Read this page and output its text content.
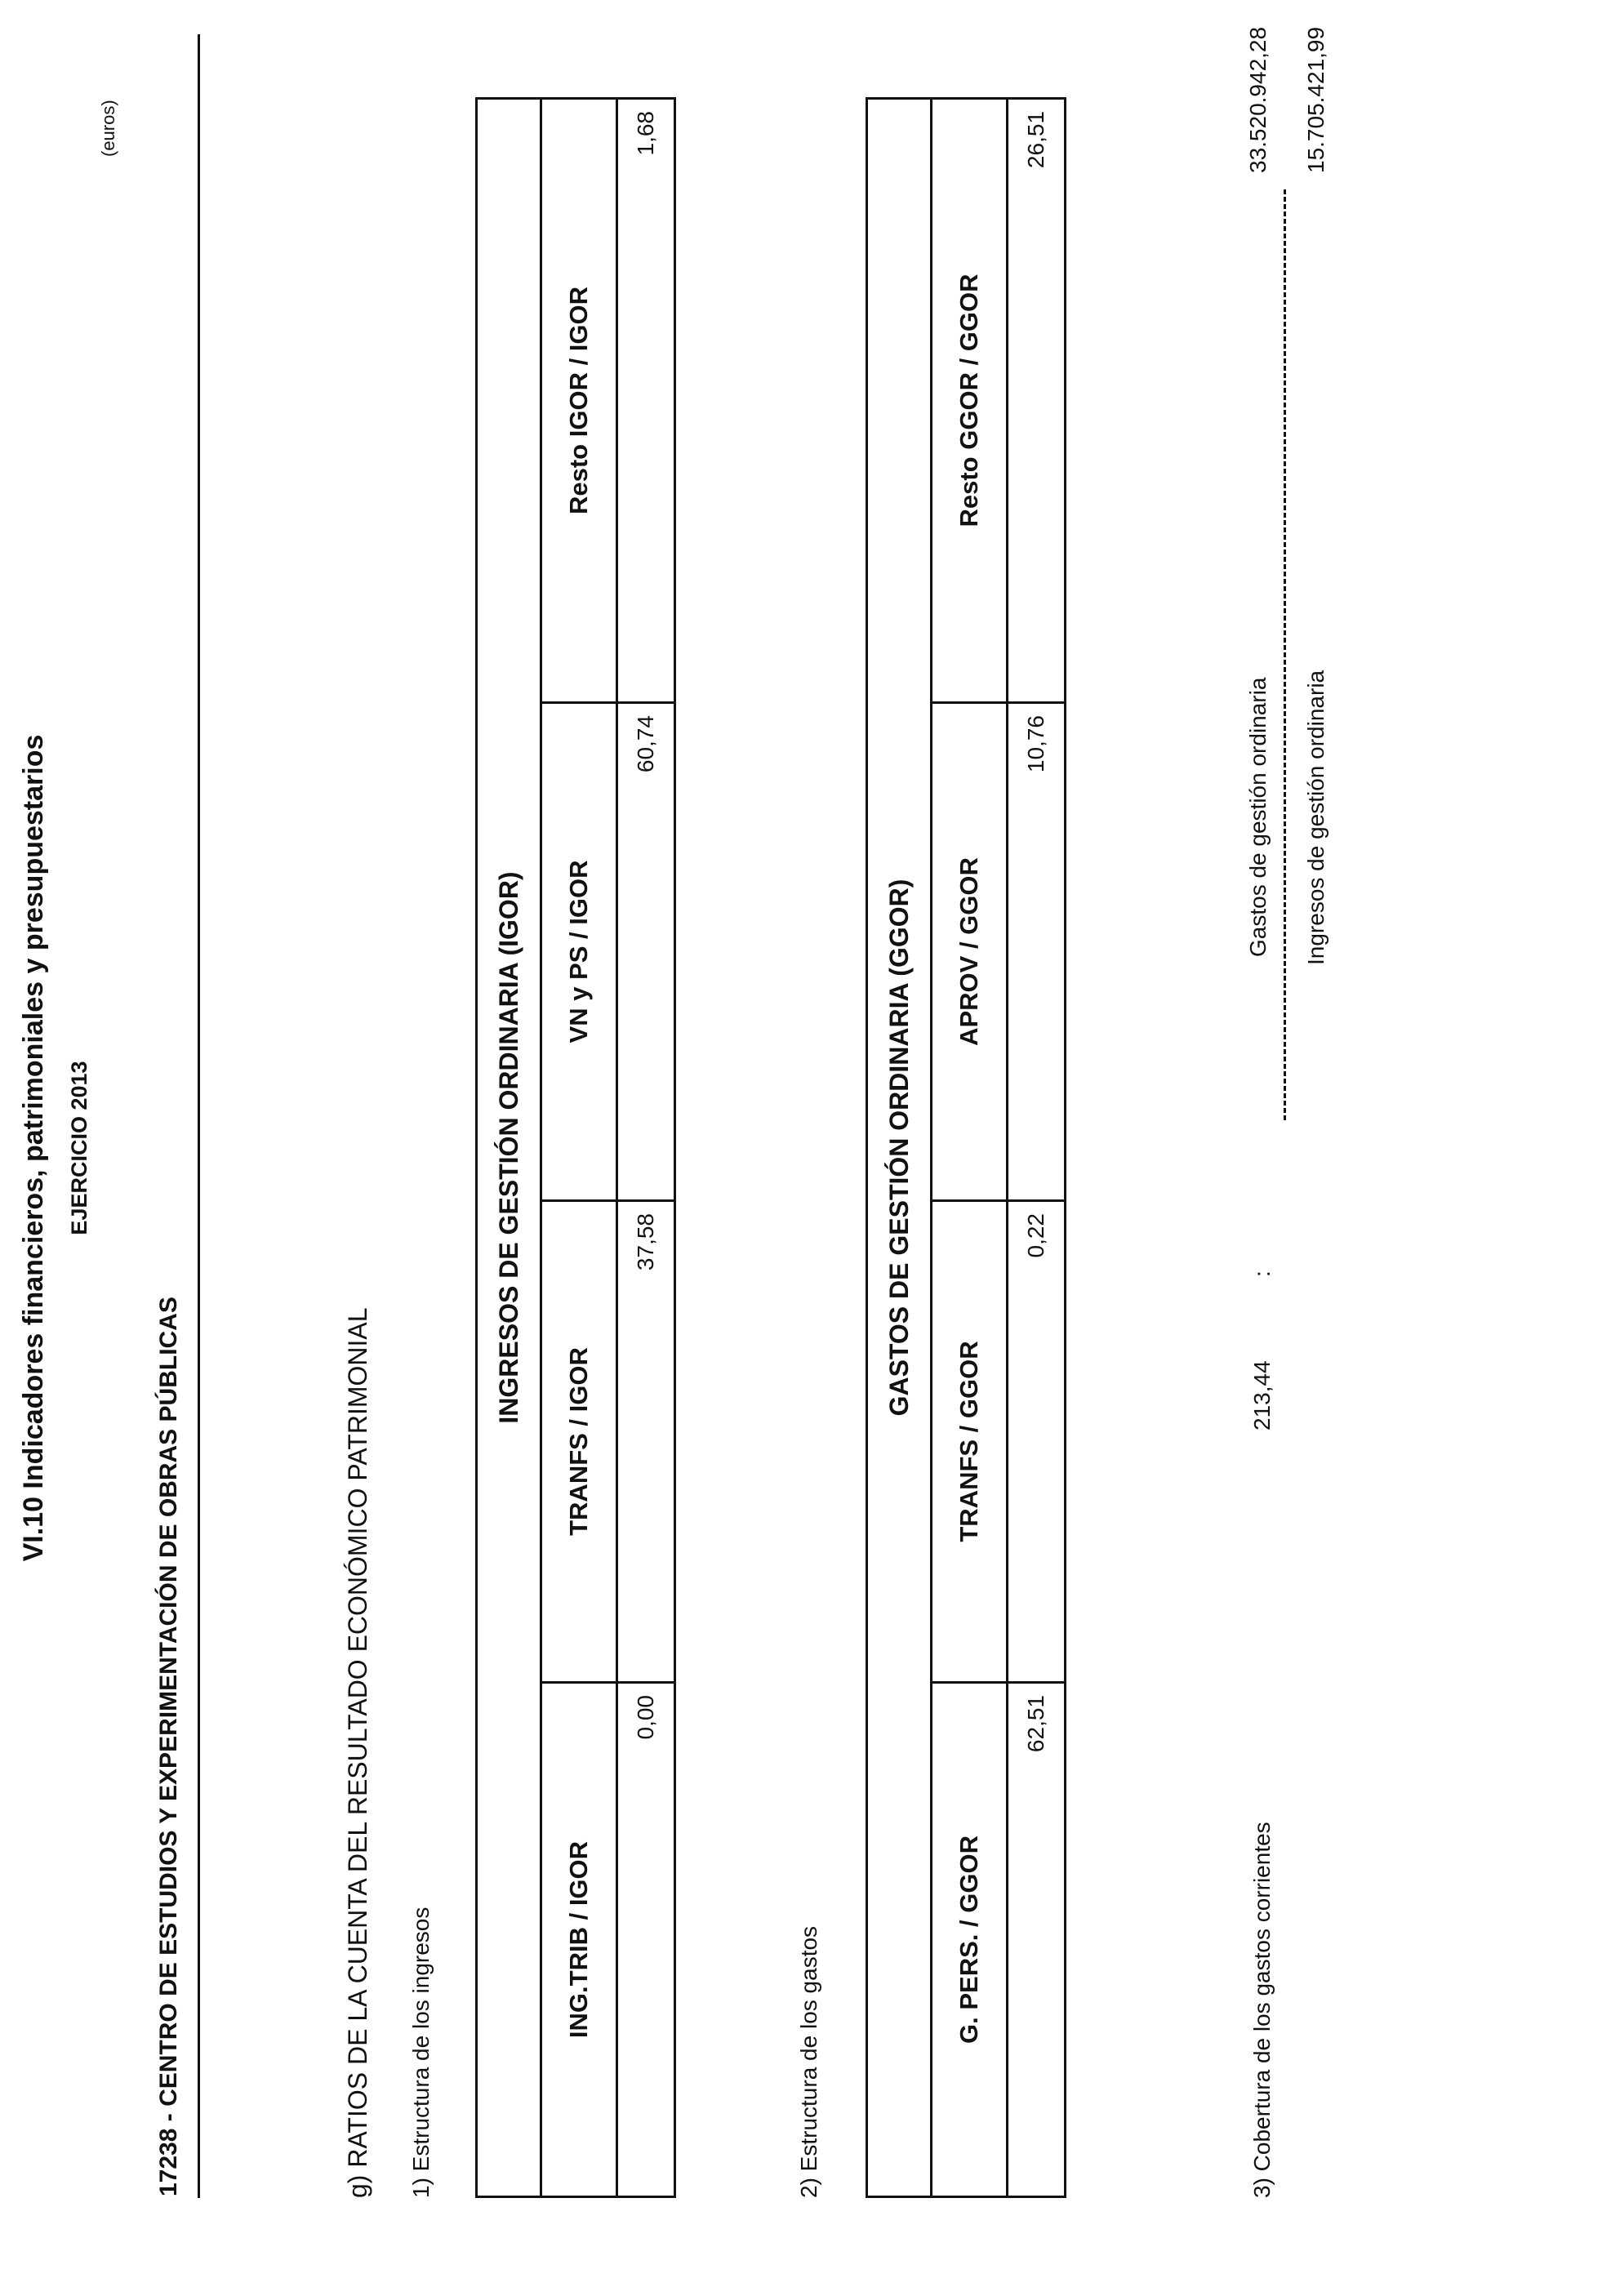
VI.10 Indicadores financieros, patrimoniales y presupuestarios EJERCICIO 2013
17238 - CENTRO DE ESTUDIOS Y EXPERIMENTACIÓN DE OBRAS PÚBLICAS
(euros)
g) RATIOS DE LA CUENTA DEL RESULTADO ECONÓMICO PATRIMONIAL 1) Estructura de los ingresos
INGRESOS DE GESTIÓN ORDINARIA (IGOR)			
ING.TRIB / IGOR	TRANFS / IGOR	VN y PS / IGOR	Resto IGOR / IGOR
0,00	37,58	60,74	1,68
2) Estructura de los gastos
GASTOS DE GESTIÓN ORDINARIA (GGOR)			
G. PERS. / GGOR	TRANFS / GGOR	APROV / GGOR	Resto GGOR / GGOR
62,51	0,22	10,76	26,51
3) Cobertura de los gastos corrientes
213,44
:
Gastos de gestión ordinaria Ingresos de gestión ordinaria
33.520.942,28 15.705.421,99
